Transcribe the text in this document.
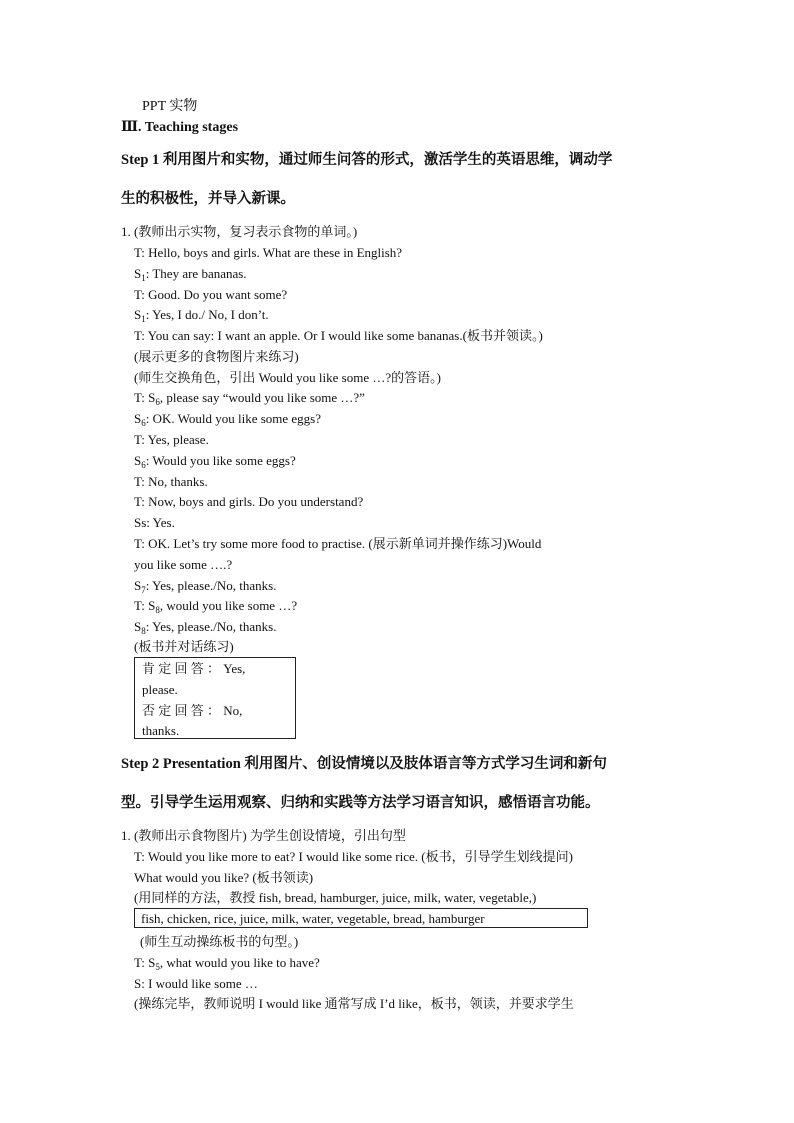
PPT 实物
Ⅲ. Teaching stages
Step 1 利用图片和实物，通过师生问答的形式，激活学生的英语思维，调动学
生的积极性，并导入新课。
1. (教师出示实物，复习表示食物的单词。)
T: Hello, boys and girls. What are these in English?
$S_1$: They are bananas.
T: Good. Do you want some?
$S_1$: Yes, I do./ No, I don’t.
T: You can say: I want an apple. Or I would like some bananas.(板书并领读。)
(展示更多的食物图片来练习)
(师生交换角色，引出 Would you like some …?的答语。)
T: $S_6$, please say “would you like some …?”
$S_6$: OK. Would you like some eggs?
T: Yes, please.
$S_6$: Would you like some eggs?
T: No, thanks.
T: Now, boys and girls. Do you understand?
Ss: Yes.
T: OK. Let’s try some more food to practise. (展示新单词并操作练习)Would
you like some ….?
$S_7$: Yes, please./No, thanks.
T: $S_8$, would you like some …?
$S_8$: Yes, please./No, thanks.
(板书并对话练习)
肯 定 回 答 ： Yes,
please.
否 定 回 答 ： No,
thanks.
Step 2 Presentation 利用图片、创设情境以及肢体语言等方式学习生词和新句
型。引导学生运用观察、归纳和实践等方法学习语言知识，感悟语言功能。
1. (教师出示食物图片) 为学生创设情境，引出句型
T: Would you like more to eat? I would like some rice. (板书，引导学生划线提问)
What would you like? (板书领读)
(用同样的方法，教授 fish, bread, hamburger, juice, milk, water, vegetable,)
fish, chicken, rice, juice, milk, water, vegetable, bread, hamburger
(师生互动操练板书的句型。)
T: $S_5$, what would you like to have?
S: I would like some …
(操练完毕，教师说明 I would like 通常写成 I’d like，板书，领读，并要求学生
